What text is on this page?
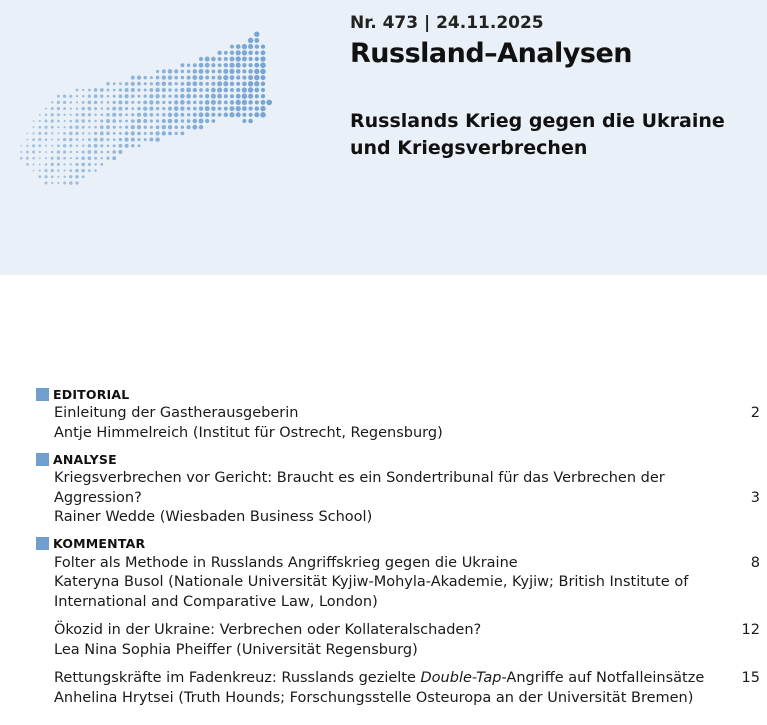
Nr. 473 | 24.11.2025
Russland–Analysen
Russlands Krieg gegen die Ukraine und Kriegsverbrechen
EDITORIAL
Einleitung der Gastherausgeberin
Antje Himmelreich (Institut für Ostrecht, Regensburg)
2
ANALYSE
Kriegsverbrechen vor Gericht: Braucht es ein Sondertribunal für das Verbrechen der Aggression?
Rainer Wedde (Wiesbaden Business School)
3
KOMMENTAR
Folter als Methode in Russlands Angriffskrieg gegen die Ukraine
Kateryna Busol (Nationale Universität Kyjiw-Mohyla-Akademie, Kyjiw; British Institute of International and Comparative Law, London)
8
Ökozid in der Ukraine: Verbrechen oder Kollateralschaden?
Lea Nina Sophia Pheiffer (Universität Regensburg)
12
Rettungskräfte im Fadenkreuz: Russlands gezielte Double-Tap-Angriffe auf Notfalleinsätze
Anhelina Hrytsei (Truth Hounds; Forschungsstelle Osteuropa an der Universität Bremen)
15
